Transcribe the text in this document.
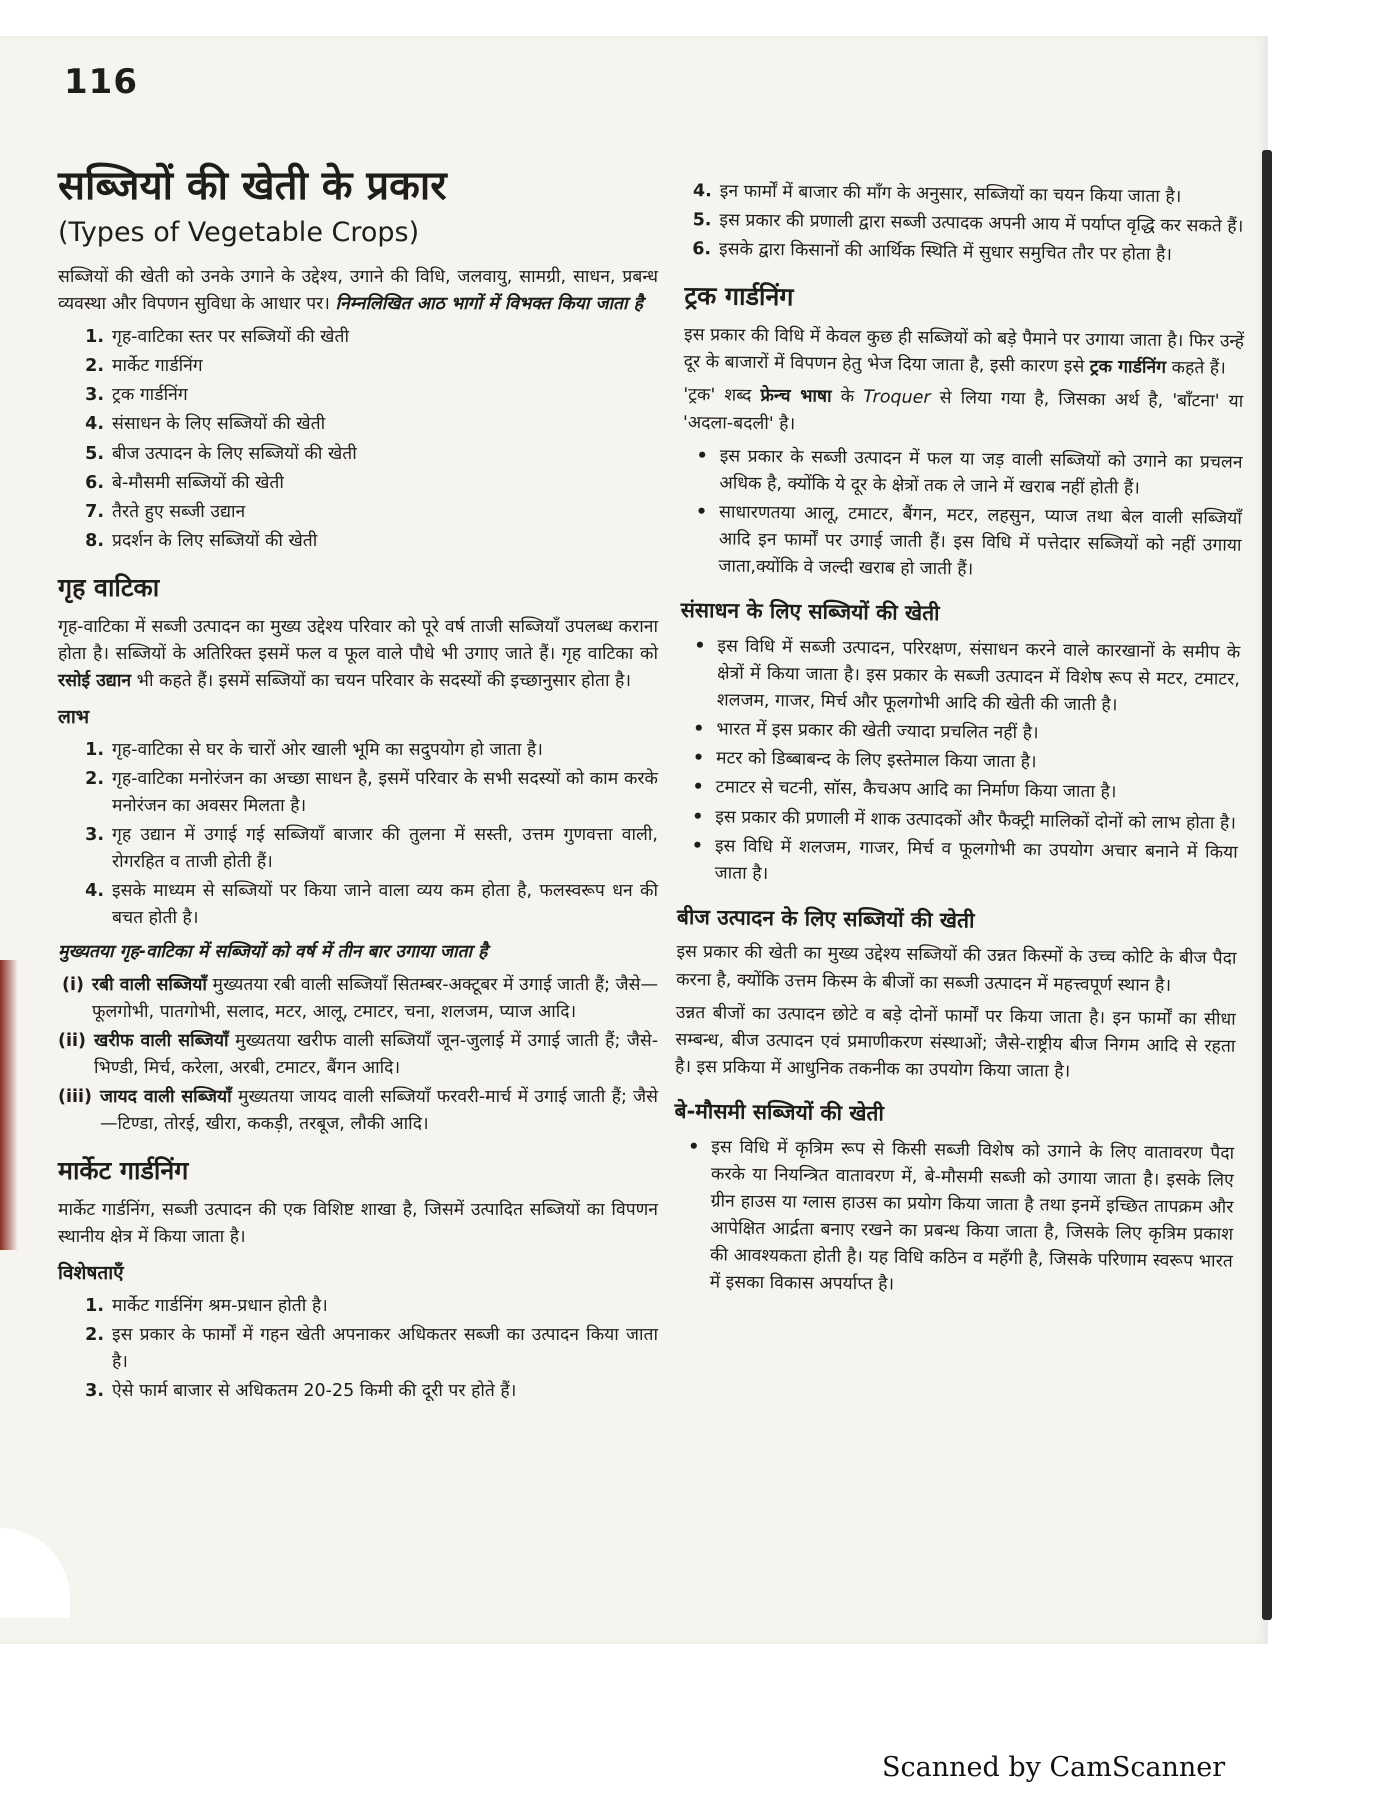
116
सब्जियों की खेती के प्रकार
(Types of Vegetable Crops)

सब्जियों की खेती को उनके उगाने के उद्देश्य, उगाने की विधि, जलवायु, सामग्री, साधन, प्रबन्ध व्यवस्था और विपणन सुविधा के आधार पर। निम्नलिखित आठ भागों में विभक्त किया जाता है

1. गृह-वाटिका स्तर पर सब्जियों की खेती
2. मार्केट गार्डनिंग
3. ट्रक गार्डनिंग
4. संसाधन के लिए सब्जियों की खेती
5. बीज उत्पादन के लिए सब्जियों की खेती
6. बे-मौसमी सब्जियों की खेती
7. तैरते हुए सब्जी उद्यान
8. प्रदर्शन के लिए सब्जियों की खेती
गृह वाटिका

गृह-वाटिका में सब्जी उत्पादन का मुख्य उद्देश्य परिवार को पूरे वर्ष ताजी सब्जियाँ उपलब्ध कराना होता है। सब्जियों के अतिरिक्त इसमें फल व फूल वाले पौधे भी उगाए जाते हैं। गृह वाटिका को रसोई उद्यान भी कहते हैं। इसमें सब्जियों का चयन परिवार के सदस्यों की इच्छानुसार होता है।

लाभ
1. गृह-वाटिका से घर के चारों ओर खाली भूमि का सदुपयोग हो जाता है।
2. गृह-वाटिका मनोरंजन का अच्छा साधन है, इसमें परिवार के सभी सदस्यों को काम करके मनोरंजन का अवसर मिलता है।
3. गृह उद्यान में उगाई गई सब्जियाँ बाजार की तुलना में सस्ती, उत्तम गुणवत्ता वाली, रोगरहित व ताजी होती हैं।
4. इसके माध्यम से सब्जियों पर किया जाने वाला व्यय कम होता है, फलस्वरूप धन की बचत होती है।

मुख्यतया गृह-वाटिका में सब्जियों को वर्ष में तीन बार उगाया जाता है

(i) रबी वाली सब्जियाँ मुख्यतया रबी वाली सब्जियाँ सितम्बर-अक्टूबर में उगाई जाती हैं; जैसे—फूलगोभी, पातगोभी, सलाद, मटर, आलू, टमाटर, चना, शलजम, प्याज आदि।
(ii) खरीफ वाली सब्जियाँ मुख्यतया खरीफ वाली सब्जियाँ जून-जुलाई में उगाई जाती हैं; जैसे-भिण्डी, मिर्च, करेला, अरबी, टमाटर, बैंगन आदि।
(iii) जायद वाली सब्जियाँ मुख्यतया जायद वाली सब्जियाँ फरवरी-मार्च में उगाई जाती हैं; जैसे—टिण्डा, तोरई, खीरा, ककड़ी, तरबूज, लौकी आदि।
मार्केट गार्डनिंग

मार्केट गार्डनिंग, सब्जी उत्पादन की एक विशिष्ट शाखा है, जिसमें उत्पादित सब्जियों का विपणन स्थानीय क्षेत्र में किया जाता है।

विशेषताएँ
1. मार्केट गार्डनिंग श्रम-प्रधान होती है।
2. इस प्रकार के फार्मों में गहन खेती अपनाकर अधिकतर सब्जी का उत्पादन किया जाता है।
3. ऐसे फार्म बाजार से अधिकतम 20-25 किमी की दूरी पर होते हैं।
4. इन फार्मों में बाजार की माँग के अनुसार, सब्जियों का चयन किया जाता है।
5. इस प्रकार की प्रणाली द्वारा सब्जी उत्पादक अपनी आय में पर्याप्त वृद्धि कर सकते हैं।
6. इसके द्वारा किसानों की आर्थिक स्थिति में सुधार समुचित तौर पर होता है।
ट्रक गार्डनिंग

इस प्रकार की विधि में केवल कुछ ही सब्जियों को बड़े पैमाने पर उगाया जाता है। फिर उन्हें दूर के बाजारों में विपणन हेतु भेज दिया जाता है, इसी कारण इसे ट्रक गार्डनिंग कहते हैं।

'ट्रक' शब्द फ्रेन्च भाषा के Troquer से लिया गया है, जिसका अर्थ है, 'बाँटना' या 'अदला-बदली' है।

• इस प्रकार के सब्जी उत्पादन में फल या जड़ वाली सब्जियों को उगाने का प्रचलन अधिक है, क्योंकि ये दूर के क्षेत्रों तक ले जाने में खराब नहीं होती हैं।
• साधारणतया आलू, टमाटर, बैंगन, मटर, लहसुन, प्याज तथा बेल वाली सब्जियाँ आदि इन फार्मों पर उगाई जाती हैं। इस विधि में पत्तेदार सब्जियों को नहीं उगाया जाता,क्योंकि वे जल्दी खराब हो जाती हैं।
संसाधन के लिए सब्जियों की खेती
• इस विधि में सब्जी उत्पादन, परिरक्षण, संसाधन करने वाले कारखानों के समीप के क्षेत्रों में किया जाता है। इस प्रकार के सब्जी उत्पादन में विशेष रूप से मटर, टमाटर, शलजम, गाजर, मिर्च और फूलगोभी आदि की खेती की जाती है।
• भारत में इस प्रकार की खेती ज्यादा प्रचलित नहीं है।
• मटर को डिब्बाबन्द के लिए इस्तेमाल किया जाता है।
• टमाटर से चटनी, सॉस, कैचअप आदि का निर्माण किया जाता है।
• इस प्रकार की प्रणाली में शाक उत्पादकों और फैक्ट्री मालिकों दोनों को लाभ होता है।
• इस विधि में शलजम, गाजर, मिर्च व फूलगोभी का उपयोग अचार बनाने में किया जाता है।
बीज उत्पादन के लिए सब्जियों की खेती

इस प्रकार की खेती का मुख्य उद्देश्य सब्जियों की उन्नत किस्मों के उच्च कोटि के बीज पैदा करना है, क्योंकि उत्तम किस्म के बीजों का सब्जी उत्पादन में महत्त्वपूर्ण स्थान है।

उन्नत बीजों का उत्पादन छोटे व बड़े दोनों फार्मों पर किया जाता है। इन फार्मों का सीधा सम्बन्ध, बीज उत्पादन एवं प्रमाणीकरण संस्थाओं; जैसे-राष्ट्रीय बीज निगम आदि से रहता है। इस प्रकिया में आधुनिक तकनीक का उपयोग किया जाता है।

बे-मौसमी सब्जियों की खेती
• इस विधि में कृत्रिम रूप से किसी सब्जी विशेष को उगाने के लिए वातावरण पैदा करके या नियन्त्रित वातावरण में, बे-मौसमी सब्जी को उगाया जाता है। इसके लिए ग्रीन हाउस या ग्लास हाउस का प्रयोग किया जाता है तथा इनमें इच्छित तापक्रम और आपेक्षित आर्द्रता बनाए रखने का प्रबन्ध किया जाता है, जिसके लिए कृत्रिम प्रकाश की आवश्यकता होती है। यह विधि कठिन व महँगी है, जिसके परिणाम स्वरूप भारत में इसका विकास अपर्याप्त है।
Scanned by CamScanner
